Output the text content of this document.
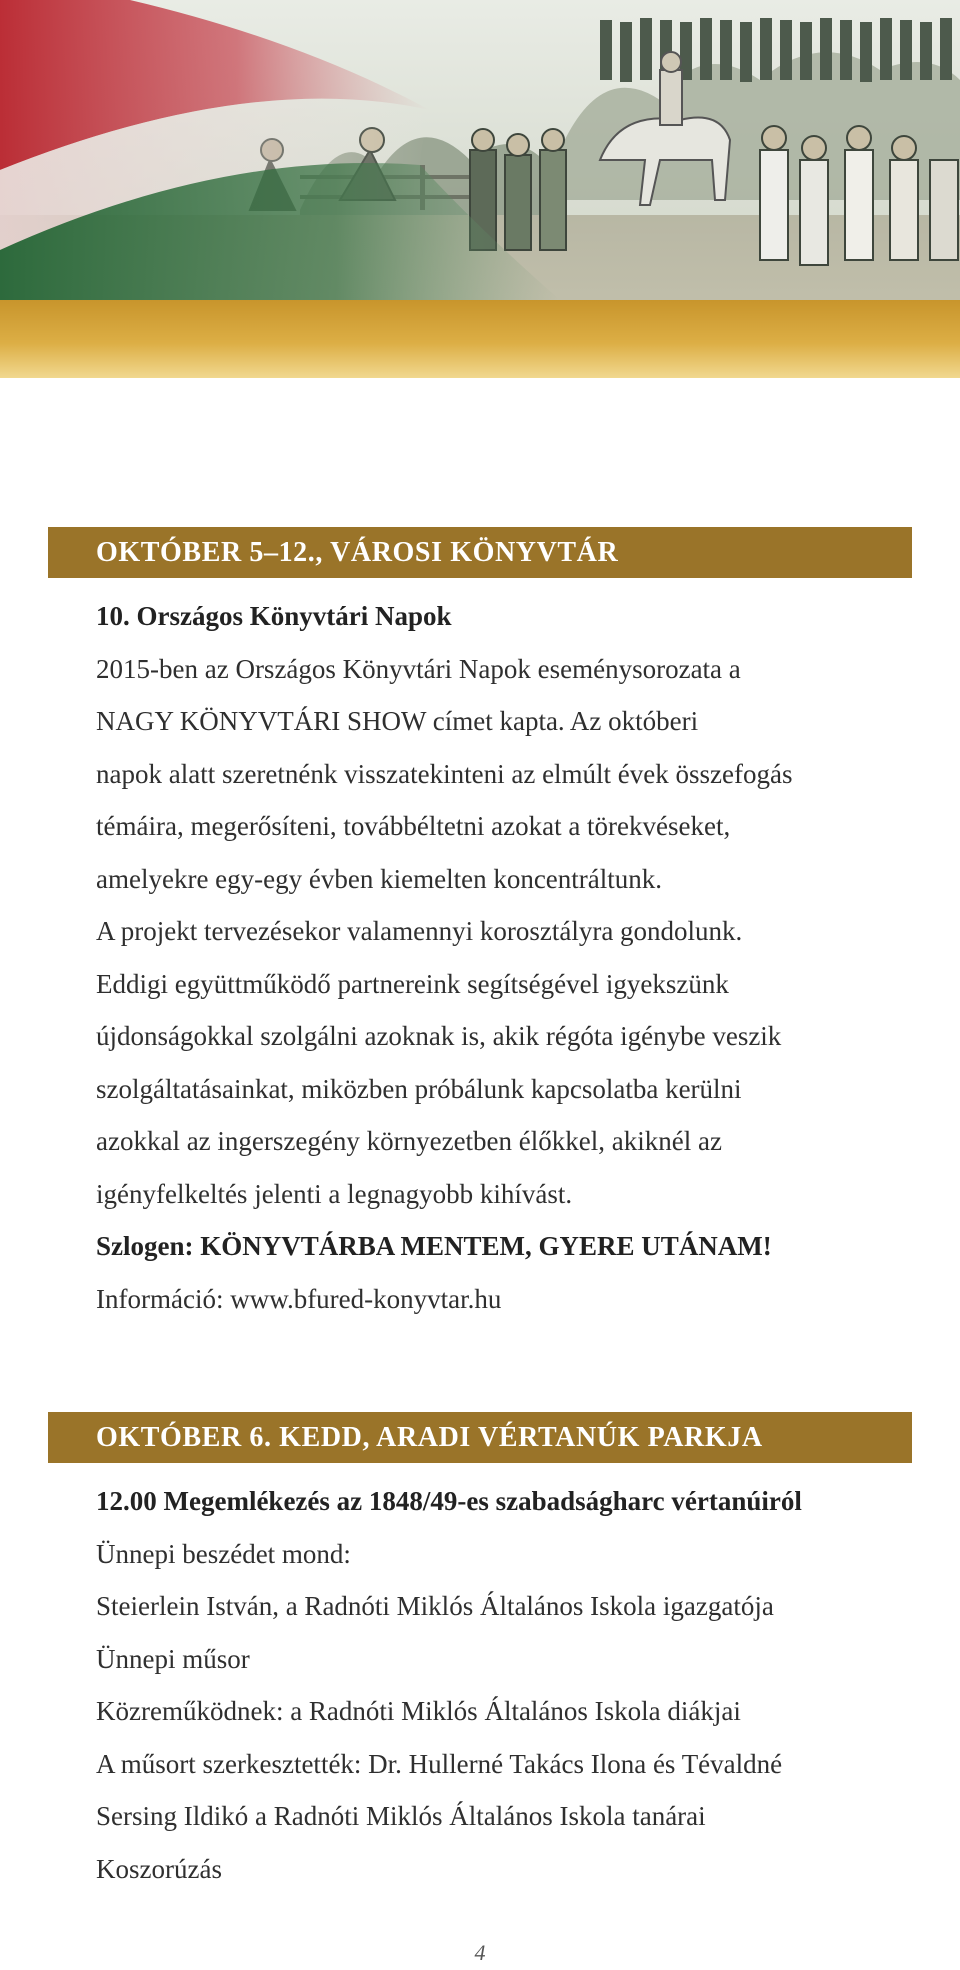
OKTÓBER 5–12., VÁROSI KÖNYVTÁR
10. Országos Könyvtári Napok
2015-ben az Országos Könyvtári Napok eseménysorozata a
NAGY KÖNYVTÁRI SHOW címet kapta. Az októberi
napok alatt szeretnénk visszatekinteni az elmúlt évek összefogás
témáira, megerősíteni, továbbéltetni azokat a törekvéseket,
amelyekre egy-egy évben kiemelten koncentráltunk.
A projekt tervezésekor valamennyi korosztályra gondolunk.
Eddigi együttműködő partnereink segítségével igyekszünk
újdonságokkal szolgálni azoknak is, akik régóta igénybe veszik
szolgáltatásainkat, miközben próbálunk kapcsolatba kerülni
azokkal az ingerszegény környezetben élőkkel, akiknél az
igényfelkeltés jelenti a legnagyobb kihívást.
Szlogen: KÖNYVTÁRBA MENTEM, GYERE UTÁNAM!
Információ: www.bfured-konyvtar.hu
OKTÓBER 6. KEDD, ARADI VÉRTANÚK PARKJA
12.00 Megemlékezés az 1848/49-es szabadságharc vértanúiról
Ünnepi beszédet mond:
Steierlein István, a Radnóti Miklós Általános Iskola igazgatója
Ünnepi műsor
Közreműködnek: a Radnóti Miklós Általános Iskola diákjai
A műsort szerkesztették: Dr. Hullerné Takács Ilona és Tévaldné
Sersing Ildikó a Radnóti Miklós Általános Iskola tanárai
Koszorúzás
4
